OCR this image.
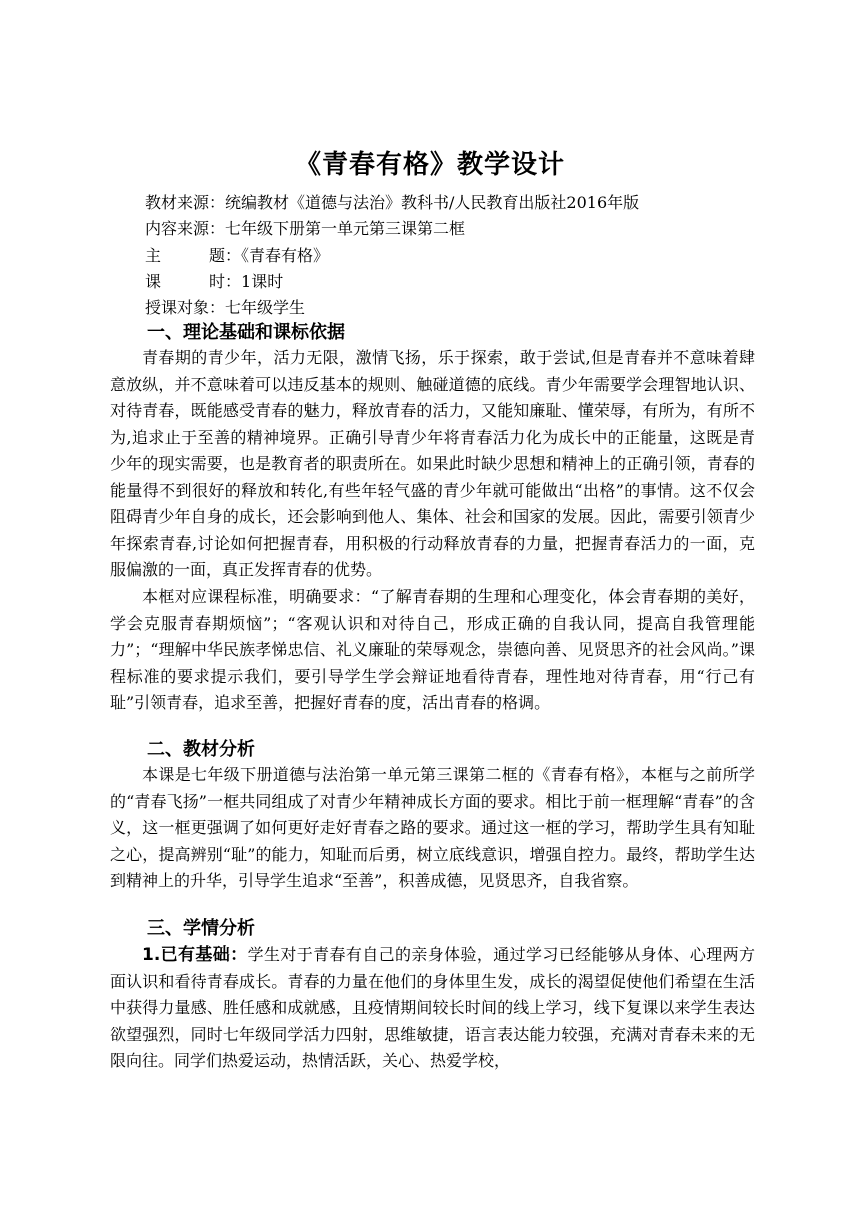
《青春有格》教学设计
教材来源：统编教材《道德与法治》教科书/人民教育出版社2016年版
内容来源：七年级下册第一单元第三课第二框
主	题：《青春有格》
课	时：1课时
授课对象：七年级学生
一、理论基础和课标依据

青春期的青少年，活力无限，激情飞扬，乐于探索，敢于尝试,但是青春并不意味着肆意放纵，并不意味着可以违反基本的规则、触碰道德的底线。青少年需要学会理智地认识、对待青春，既能感受青春的魅力，释放青春的活力，又能知廉耻、懂荣辱，有所为，有所不为,追求止于至善的精神境界。正确引导青少年将青春活力化为成长中的正能量，这既是青少年的现实需要，也是教育者的职责所在。如果此时缺少思想和精神上的正确引领，青春的能量得不到很好的释放和转化,有些年轻气盛的青少年就可能做出“出格”的事情。这不仅会阻碍青少年自身的成长，还会影响到他人、集体、社会和国家的发展。因此，需要引领青少年探索青春,讨论如何把握青春，用积极的行动释放青春的力量，把握青春活力的一面，克服偏激的一面，真正发挥青春的优势。

本框对应课程标准，明确要求：“了解青春期的生理和心理变化，体会青春期的美好，学会克服青春期烦恼”；“客观认识和对待自己，形成正确的自我认同，提高自我管理能力”；“理解中华民族孝悌忠信、礼义廉耻的荣辱观念，崇德向善、见贤思齐的社会风尚。”课程标准的要求提示我们，要引导学生学会辩证地看待青春，理性地对待青春，用“行己有耻”引领青春，追求至善，把握好青春的度，活出青春的格调。

二、教材分析

本课是七年级下册道德与法治第一单元第三课第二框的《青春有格》，本框与之前所学的“青春飞扬”一框共同组成了对青少年精神成长方面的要求。相比于前一框理解“青春”的含义，这一框更强调了如何更好走好青春之路的要求。通过这一框的学习，帮助学生具有知耻之心，提高辨别“耻”的能力，知耻而后勇，树立底线意识，增强自控力。最终，帮助学生达到精神上的升华，引导学生追求“至善”，积善成德，见贤思齐，自我省察。

三、学情分析

1.已有基础：学生对于青春有自己的亲身体验，通过学习已经能够从身体、心理两方面认识和看待青春成长。青春的力量在他们的身体里生发，成长的渴望促使他们希望在生活中获得力量感、胜任感和成就感，且疫情期间较长时间的线上学习，线下复课以来学生表达欲望强烈，同时七年级同学活力四射，思维敏捷，语言表达能力较强，充满对青春未来的无限向往。同学们热爱运动，热情活跃，关心、热爱学校，
